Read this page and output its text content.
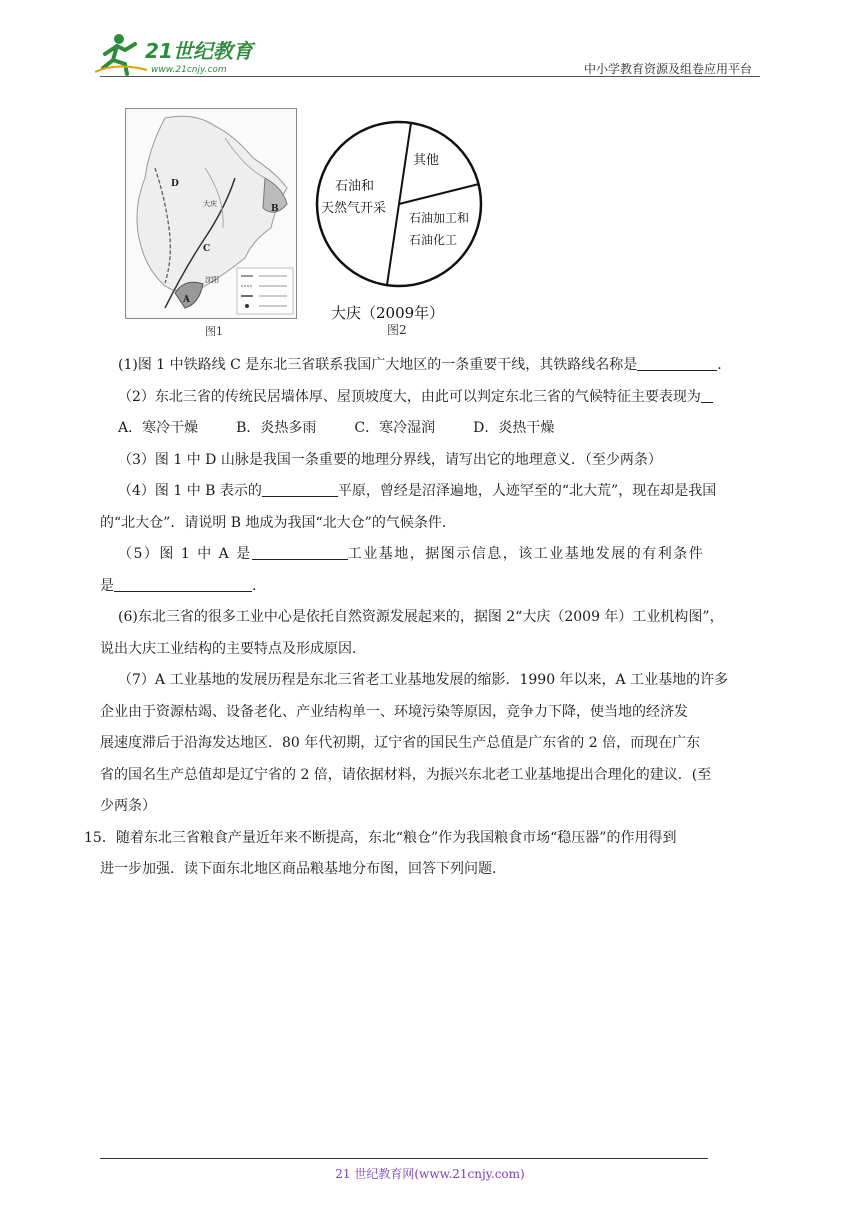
21世纪教育
www.21cnjy.com	中小学教育资源及组卷应用平台
D
大庆	B
C
沈阳
A
图1
其他
石油加工和
石油化工
石油和
天然气开采
大庆（2009年）
图2

(1)图 1 中铁路线 C 是东北三省联系我国广大地区的一条重要干线，其铁路线名称是	.

（2）东北三省的传统民居墙体厚、屋顶坡度大，由此可以判定东北三省的气候特征主要表现为

A．寒冷干燥	B．炎热多雨	C．寒冷湿润	D．炎热干燥

（3）图 1 中 D 山脉是我国一条重要的地理分界线，请写出它的地理意义．（至少两条）

（4）图 1 中 B 表示的	平原，曾经是沼泽遍地，人迹罕至的“北大荒”，现在却是我国

的“北大仓”．请说明 B 地成为我国“北大仓”的气候条件．

（5）图 1 中 A 是	工业基地，据图示信息，该工业基地发展的有利条件

是	.

(6)东北三省的很多工业中心是依托自然资源发展起来的，据图 2“大庆（2009 年）工业机构图”，

说出大庆工业结构的主要特点及形成原因．

（7）A 工业基地的发展历程是东北三省老工业基地发展的缩影．1990 年以来，A 工业基地的许多

企业由于资源枯竭、设备老化、产业结构单一、环境污染等原因，竞争力下降，使当地的经济发

展速度滞后于沿海发达地区．80 年代初期，辽宁省的国民生产总值是广东省的 2 倍，而现在广东

省的国名生产总值却是辽宁省的 2 倍，请依据材料，为振兴东北老工业基地提出合理化的建议．(至

少两条）

15．随着东北三省粮食产量近年来不断提高，东北“粮仓”作为我国粮食市场“稳压器”的作用得到

进一步加强．读下面东北地区商品粮基地分布图，回答下列问题．

21 世纪教育网(www.21cnjy.com)
